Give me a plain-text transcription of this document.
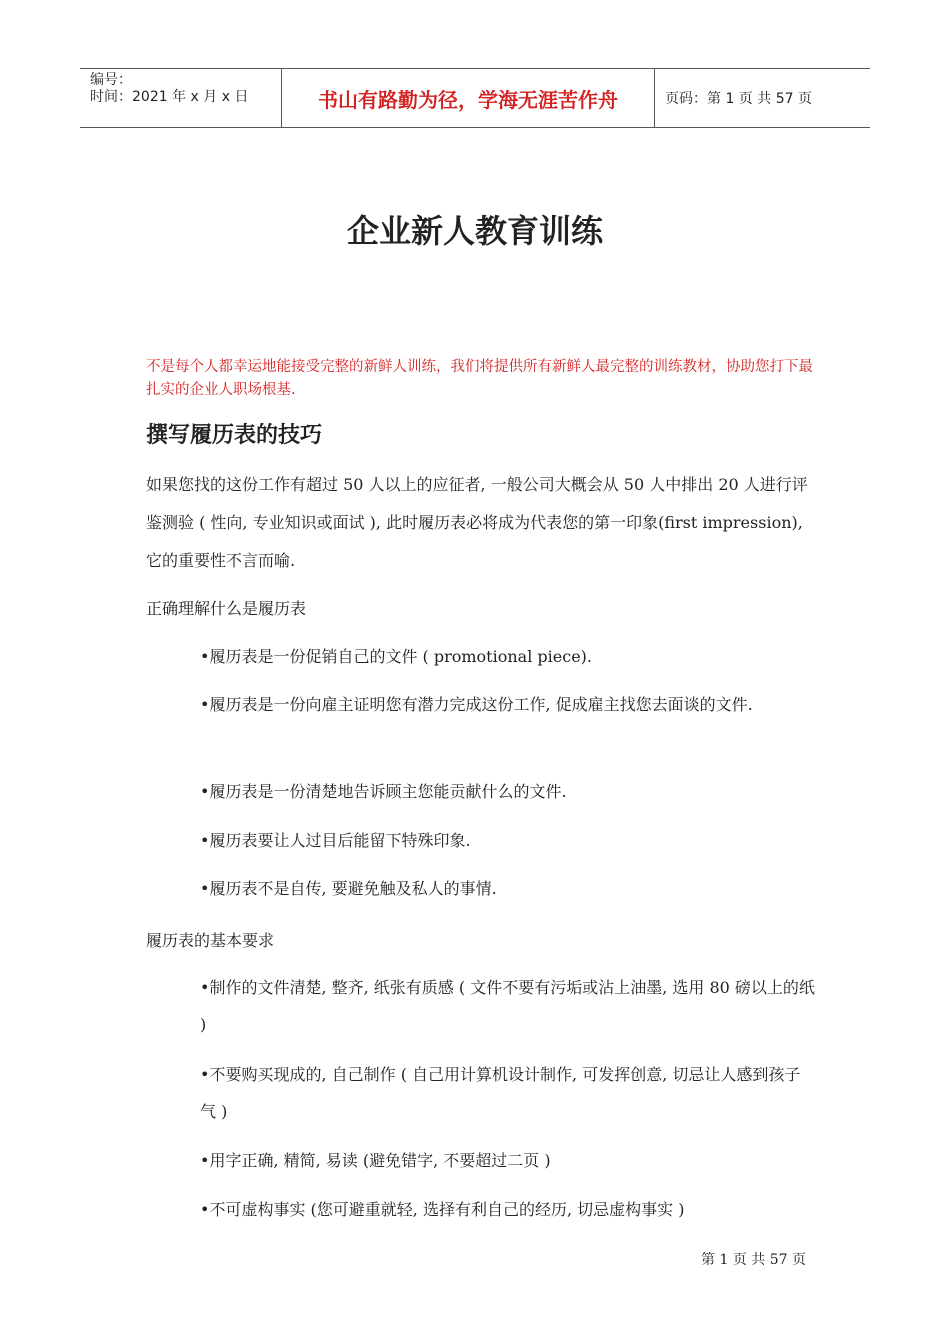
编号：
时间：2021 年 x 月 x 日	书山有路勤为径，学海无涯苦作舟	页码：第 1 页 共 57 页
企业新人教育训练

不是每个人都幸运地能接受完整的新鲜人训练，我们将提供所有新鲜人最完整的训练教材，协助您打下最扎实的企业人职场根基.

撰写履历表的技巧

如果您找的这份工作有超过 50 人以上的应征者, 一般公司大概会从 50 人中排出 20 人进行评鉴测验 ( 性向, 专业知识或面试 ), 此时履历表必将成为代表您的第一印象(first impression), 它的重要性不言而喻.

正确理解什么是履历表

•履历表是一份促销自己的文件 ( promotional piece).

•履历表是一份向雇主证明您有潜力完成这份工作, 促成雇主找您去面谈的文件.

•履历表是一份清楚地告诉顾主您能贡献什么的文件.

•履历表要让人过目后能留下特殊印象.

•履历表不是自传, 要避免触及私人的事情.

履历表的基本要求

•制作的文件清楚, 整齐, 纸张有质感 ( 文件不要有污垢或沾上油墨, 选用 80 磅以上的纸 )

•不要购买现成的, 自己制作 ( 自己用计算机设计制作, 可发挥创意, 切忌让人感到孩子气 )

•用字正确, 精简, 易读 (避免错字, 不要超过二页 )

•不可虚构事实 (您可避重就轻, 选择有利自己的经历, 切忌虚构事实 )

第 1 页 共 57 页
